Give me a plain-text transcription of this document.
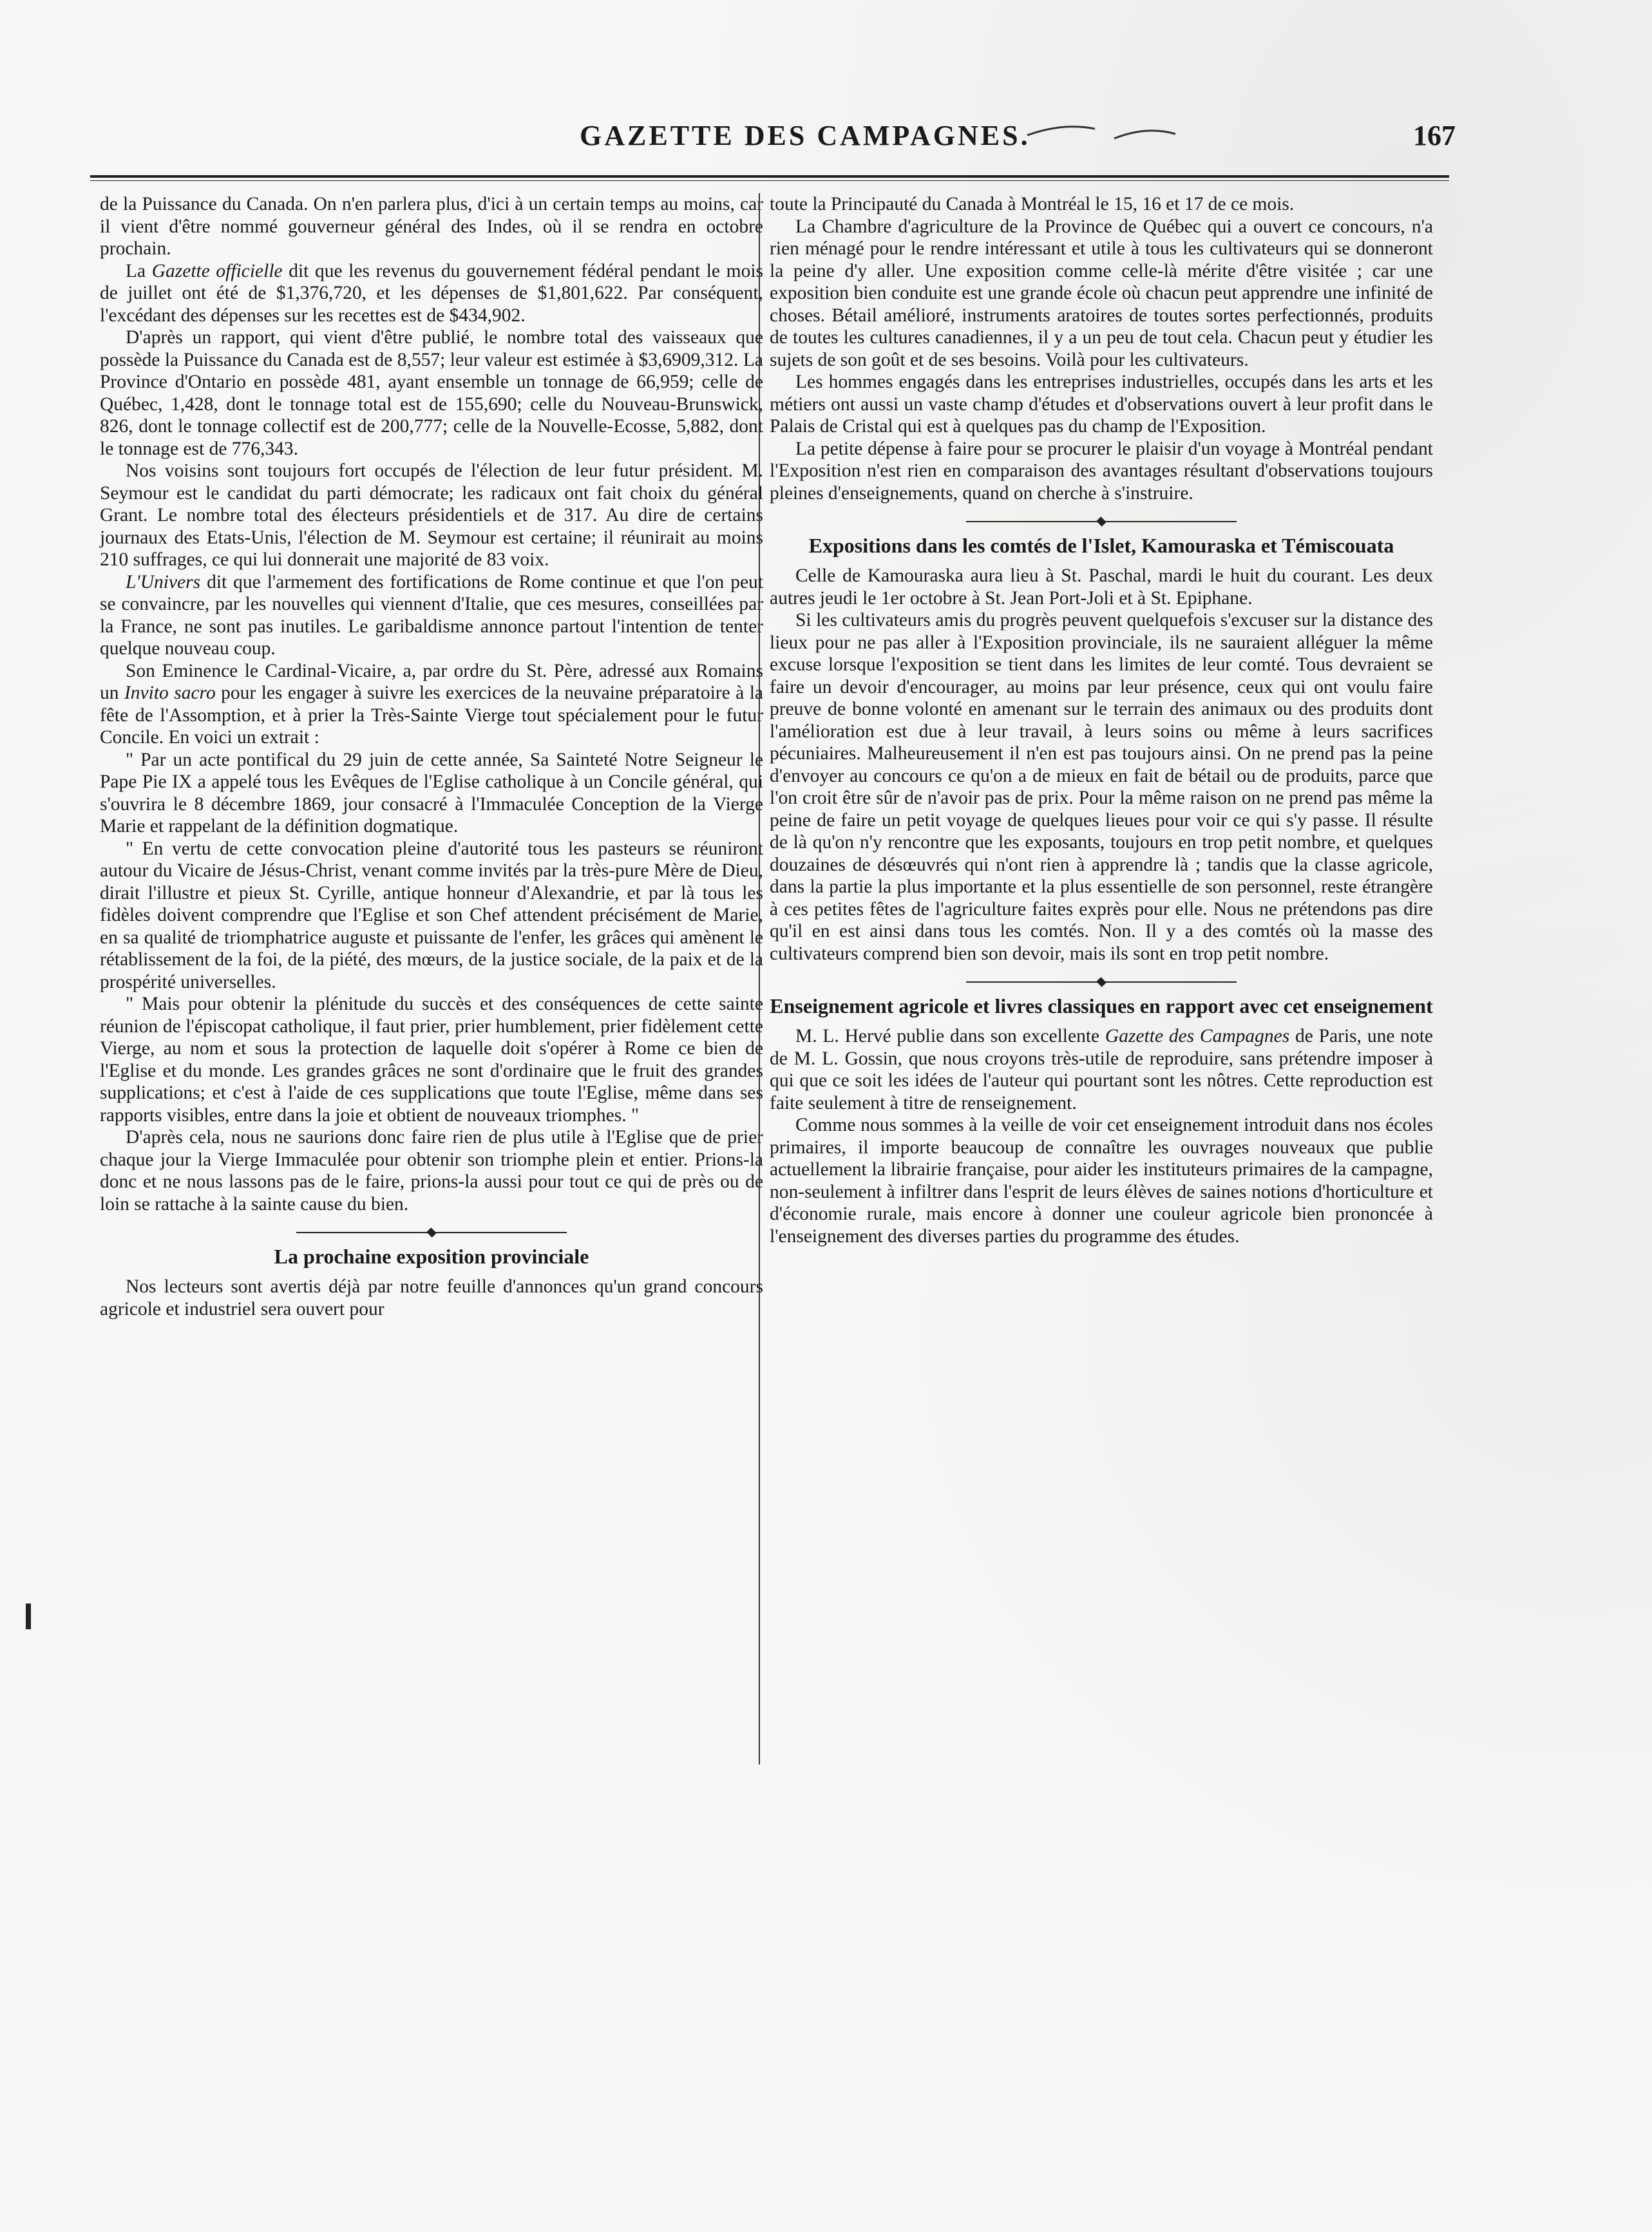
GAZETTE DES CAMPAGNES.	167

de la Puissance du Canada. On n'en parlera plus, d'ici à un certain temps au moins, car il vient d'être nommé gouverneur général des Indes, où il se rendra en octobre prochain.

La Gazette officielle dit que les revenus du gouvernement fédéral pendant le mois de juillet ont été de $1,376,720, et les dépenses de $1,801,622. Par conséquent, l'excédant des dépenses sur les recettes est de $434,902.

D'après un rapport, qui vient d'être publié, le nombre total des vaisseaux que possède la Puissance du Canada est de 8,557; leur valeur est estimée à $3,6909,312. La Province d'Ontario en possède 481, ayant ensemble un tonnage de 66,959; celle de Québec, 1,428, dont le tonnage total est de 155,690; celle du Nouveau-Brunswick, 826, dont le tonnage collectif est de 200,777; celle de la Nouvelle-Ecosse, 5,882, dont le tonnage est de 776,343.

Nos voisins sont toujours fort occupés de l'élection de leur futur président. M. Seymour est le candidat du parti démocrate; les radicaux ont fait choix du général Grant. Le nombre total des électeurs présidentiels et de 317. Au dire de certains journaux des Etats-Unis, l'élection de M. Seymour est certaine; il réunirait au moins 210 suffrages, ce qui lui donnerait une majorité de 83 voix.

L'Univers dit que l'armement des fortifications de Rome continue et que l'on peut se convaincre, par les nouvelles qui viennent d'Italie, que ces mesures, conseillées par la France, ne sont pas inutiles. Le garibaldisme annonce partout l'intention de tenter quelque nouveau coup.

Son Eminence le Cardinal-Vicaire, a, par ordre du St. Père, adressé aux Romains un Invito sacro pour les engager à suivre les exercices de la neuvaine préparatoire à la fête de l'Assomption, et à prier la Très-Sainte Vierge tout spécialement pour le futur Concile. En voici un extrait :

" Par un acte pontifical du 29 juin de cette année, Sa Sainteté Notre Seigneur le Pape Pie IX a appelé tous les Evêques de l'Eglise catholique à un Concile général, qui s'ouvrira le 8 décembre 1869, jour consacré à l'Immaculée Conception de la Vierge Marie et rappelant de la définition dogmatique.

" En vertu de cette convocation pleine d'autorité tous les pasteurs se réuniront autour du Vicaire de Jésus-Christ, venant comme invités par la très-pure Mère de Dieu, dirait l'illustre et pieux St. Cyrille, antique honneur d'Alexandrie, et par là tous les fidèles doivent comprendre que l'Eglise et son Chef attendent précisément de Marie, en sa qualité de triomphatrice auguste et puissante de l'enfer, les grâces qui amènent le rétablissement de la foi, de la piété, des mœurs, de la justice sociale, de la paix et de la prospérité universelles.

" Mais pour obtenir la plénitude du succès et des conséquences de cette sainte réunion de l'épiscopat catholique, il faut prier, prier humblement, prier fidèlement cette Vierge, au nom et sous la protection de laquelle doit s'opérer à Rome ce bien de l'Eglise et du monde. Les grandes grâces ne sont d'ordinaire que le fruit des grandes supplications; et c'est à l'aide de ces supplications que toute l'Eglise, même dans ses rapports visibles, entre dans la joie et obtient de nouveaux triomphes. "

D'après cela, nous ne saurions donc faire rien de plus utile à l'Eglise que de prier chaque jour la Vierge Immaculée pour obtenir son triomphe plein et entier. Prions-la donc et ne nous lassons pas de le faire, prions-la aussi pour tout ce qui de près ou de loin se rattache à la sainte cause du bien.

La prochaine exposition provinciale

Nos lecteurs sont avertis déjà par notre feuille d'annonces qu'un grand concours agricole et industriel sera ouvert pour

toute la Principauté du Canada à Montréal le 15, 16 et 17 de ce mois.

La Chambre d'agriculture de la Province de Québec qui a ouvert ce concours, n'a rien ménagé pour le rendre intéressant et utile à tous les cultivateurs qui se donneront la peine d'y aller. Une exposition comme celle-là mérite d'être visitée ; car une exposition bien conduite est une grande école où chacun peut apprendre une infinité de choses. Bétail amélioré, instruments aratoires de toutes sortes perfectionnés, produits de toutes les cultures canadiennes, il y a un peu de tout cela. Chacun peut y étudier les sujets de son goût et de ses besoins. Voilà pour les cultivateurs.

Les hommes engagés dans les entreprises industrielles, occupés dans les arts et les métiers ont aussi un vaste champ d'études et d'observations ouvert à leur profit dans le Palais de Cristal qui est à quelques pas du champ de l'Exposition.

La petite dépense à faire pour se procurer le plaisir d'un voyage à Montréal pendant l'Exposition n'est rien en comparaison des avantages résultant d'observations toujours pleines d'enseignements, quand on cherche à s'instruire.

Expositions dans les comtés de l'Islet, Kamouraska et Témiscouata

Celle de Kamouraska aura lieu à St. Paschal, mardi le huit du courant. Les deux autres jeudi le 1er octobre à St. Jean Port-Joli et à St. Epiphane.

Si les cultivateurs amis du progrès peuvent quelquefois s'excuser sur la distance des lieux pour ne pas aller à l'Exposition provinciale, ils ne sauraient alléguer la même excuse lorsque l'exposition se tient dans les limites de leur comté. Tous devraient se faire un devoir d'encourager, au moins par leur présence, ceux qui ont voulu faire preuve de bonne volonté en amenant sur le terrain des animaux ou des produits dont l'amélioration est due à leur travail, à leurs soins ou même à leurs sacrifices pécuniaires. Malheureusement il n'en est pas toujours ainsi. On ne prend pas la peine d'envoyer au concours ce qu'on a de mieux en fait de bétail ou de produits, parce que l'on croit être sûr de n'avoir pas de prix. Pour la même raison on ne prend pas même la peine de faire un petit voyage de quelques lieues pour voir ce qui s'y passe. Il résulte de là qu'on n'y rencontre que les exposants, toujours en trop petit nombre, et quelques douzaines de désœuvrés qui n'ont rien à apprendre là ; tandis que la classe agricole, dans la partie la plus importante et la plus essentielle de son personnel, reste étrangère à ces petites fêtes de l'agriculture faites exprès pour elle. Nous ne prétendons pas dire qu'il en est ainsi dans tous les comtés. Non. Il y a des comtés où la masse des cultivateurs comprend bien son devoir, mais ils sont en trop petit nombre.

Enseignement agricole et livres classiques en rapport avec cet enseignement

M. L. Hervé publie dans son excellente Gazette des Campagnes de Paris, une note de M. L. Gossin, que nous croyons très-utile de reproduire, sans prétendre imposer à qui que ce soit les idées de l'auteur qui pourtant sont les nôtres. Cette reproduction est faite seulement à titre de renseignement.

Comme nous sommes à la veille de voir cet enseignement introduit dans nos écoles primaires, il importe beaucoup de connaître les ouvrages nouveaux que publie actuellement la librairie française, pour aider les instituteurs primaires de la campagne, non-seulement à infiltrer dans l'esprit de leurs élèves de saines notions d'horticulture et d'économie rurale, mais encore à donner une couleur agricole bien prononcée à l'enseignement des diverses parties du programme des études.
